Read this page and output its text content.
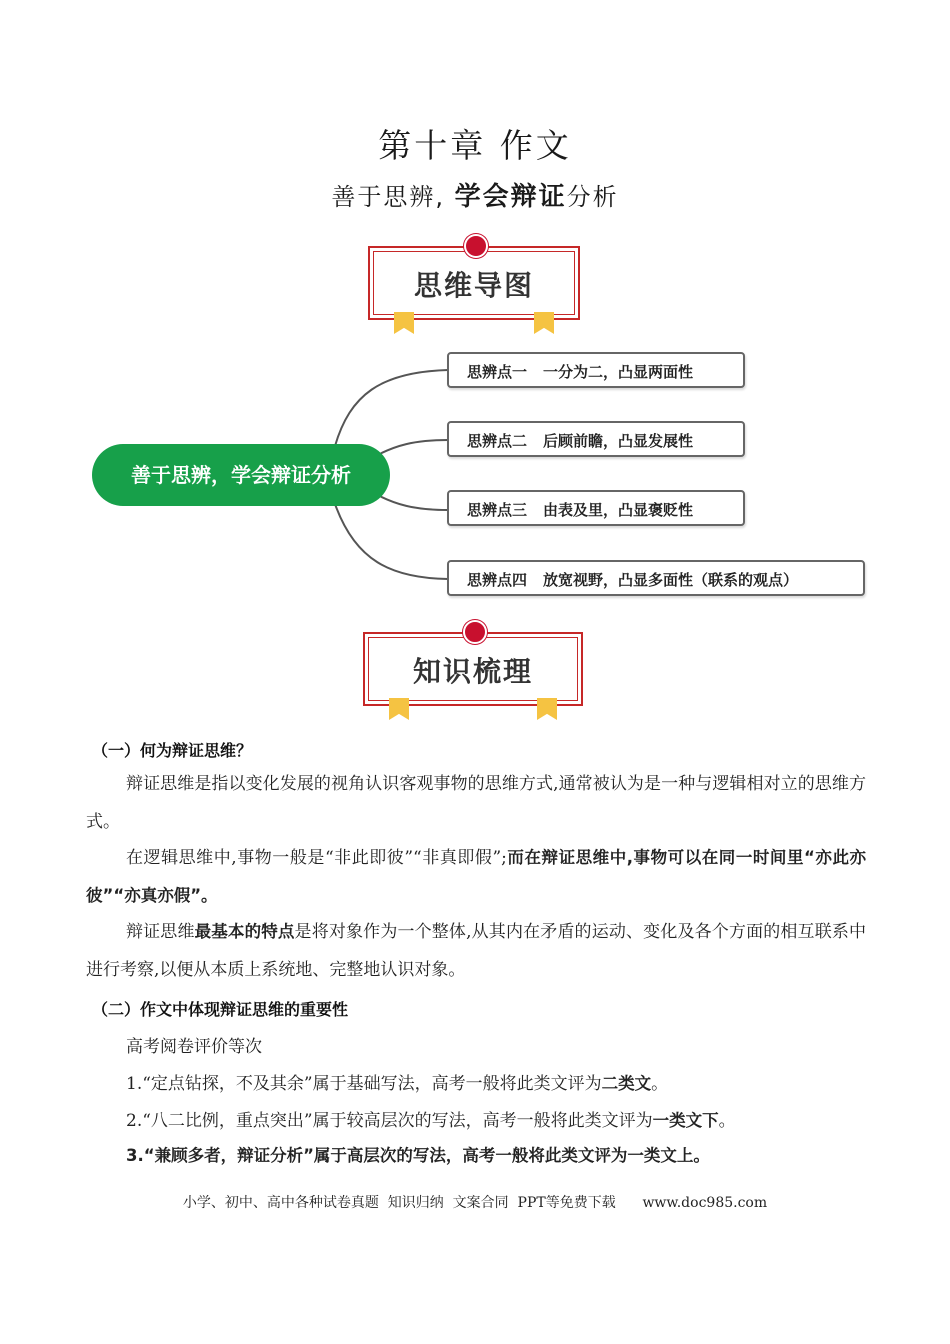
第十章 作文
善于思辨, 学会辩证分析
思维导图
善于思辨，学会辩证分析
思辨点一 一分为二，凸显两面性
思辨点二 后顾前瞻，凸显发展性
思辨点三 由表及里，凸显褒贬性
思辨点四 放宽视野，凸显多面性（联系的观点）
知识梳理
（一）何为辩证思维？
辩证思维是指以变化发展的视角认识客观事物的思维方式,通常被认为是一种与逻辑相对立的思维方式。
在逻辑思维中,事物一般是“非此即彼”“非真即假”;而在辩证思维中,事物可以在同一时间里“亦此亦彼”“亦真亦假”。
辩证思维最基本的特点是将对象作为一个整体,从其内在矛盾的运动、变化及各个方面的相互联系中进行考察,以便从本质上系统地、完整地认识对象。
（二）作文中体现辩证思维的重要性
高考阅卷评价等次
1.“定点钻探，不及其余”属于基础写法，高考一般将此类文评为二类文。
2.“八二比例，重点突出”属于较高层次的写法，高考一般将此类文评为一类文下。
3.“兼顾多者，辩证分析”属于高层次的写法，高考一般将此类文评为一类文上。
小学、初中、高中各种试卷真题  知识归纳  文案合同  PPT等免费下载      www.doc985.com
